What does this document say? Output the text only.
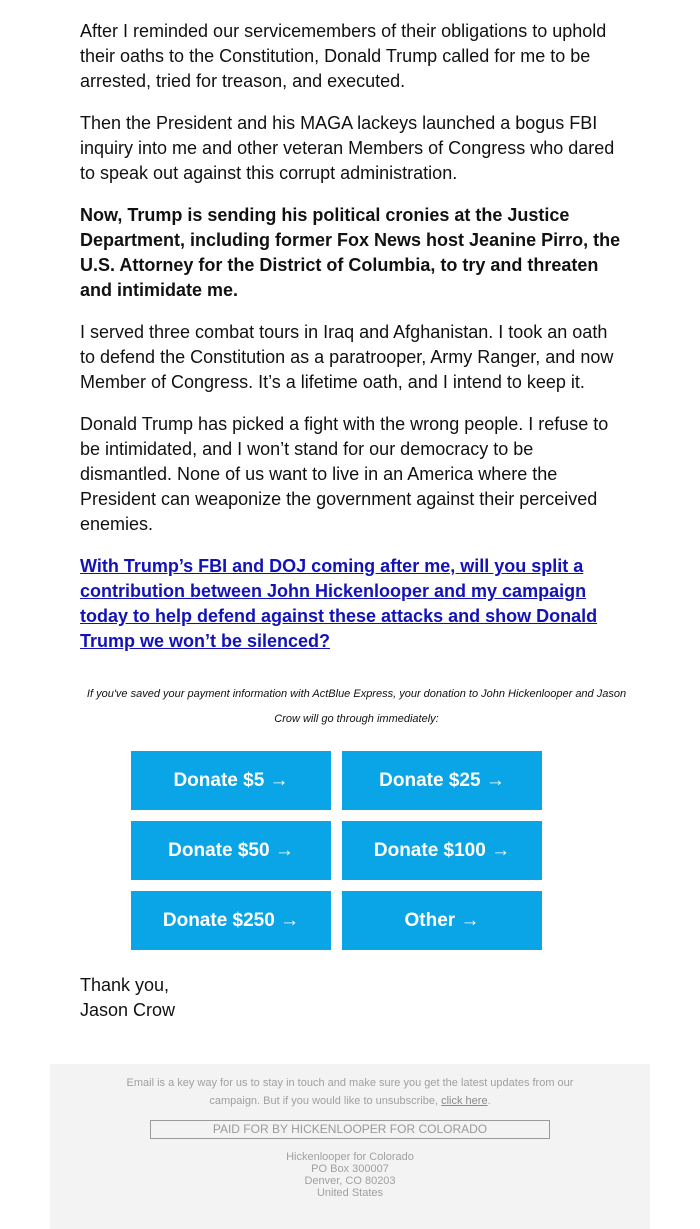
After I reminded our servicemembers of their obligations to uphold their oaths to the Constitution, Donald Trump called for me to be arrested, tried for treason, and executed.

Then the President and his MAGA lackeys launched a bogus FBI inquiry into me and other veteran Members of Congress who dared to speak out against this corrupt administration.

Now, Trump is sending his political cronies at the Justice Department, including former Fox News host Jeanine Pirro, the U.S. Attorney for the District of Columbia, to try and threaten and intimidate me.

I served three combat tours in Iraq and Afghanistan. I took an oath to defend the Constitution as a paratrooper, Army Ranger, and now Member of Congress. It’s a lifetime oath, and I intend to keep it.

Donald Trump has picked a fight with the wrong people. I refuse to be intimidated, and I won’t stand for our democracy to be dismantled. None of us want to live in an America where the President can weaponize the government against their perceived enemies.

With Trump’s FBI and DOJ coming after me, will you split a contribution between John Hickenlooper and my campaign today to help defend against these attacks and show Donald Trump we won’t be silenced?

If you've saved your payment information with ActBlue Express, your donation to John Hickenlooper and Jason Crow will go through immediately:

Donate $5 →	Donate $25 →
Donate $50 →	Donate $100 →
Donate $250 →	Other →
Thank you,
Jason Crow
Email is a key way for us to stay in touch and make sure you get the latest updates from our campaign. But if you would like to unsubscribe, click here.
PAID FOR BY HICKENLOOPER FOR COLORADO
Hickenlooper for Colorado
PO Box 300007
Denver, CO 80203
United States
